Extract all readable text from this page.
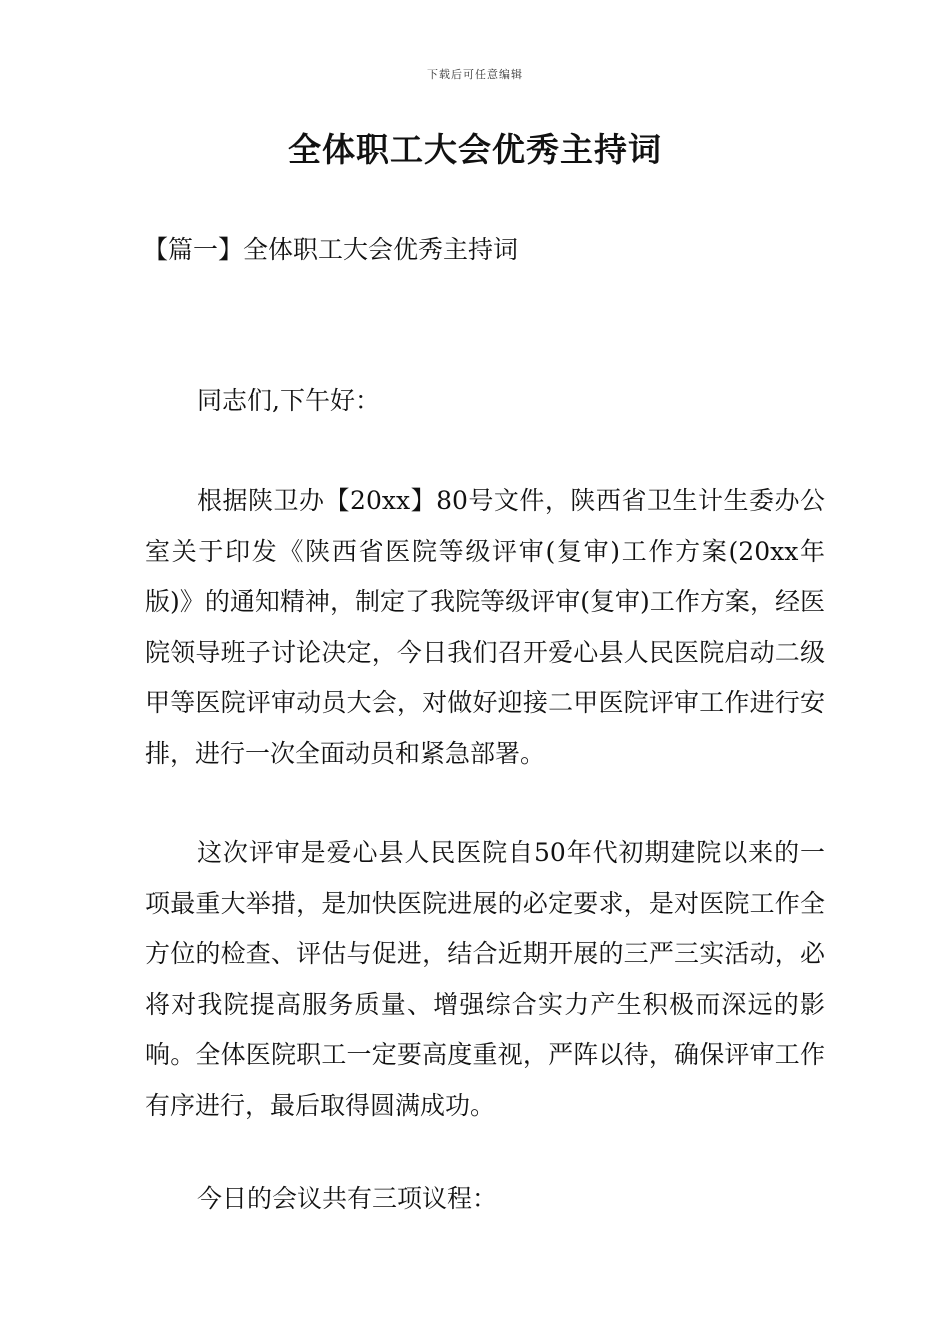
下载后可任意编辑
全体职工大会优秀主持词
【篇一】全体职工大会优秀主持词

同志们,下午好：

根据陕卫办【20xx】80号文件，陕西省卫生计生委办公室关于印发《陕西省医院等级评审(复审)工作方案(20xx年版)》的通知精神，制定了我院等级评审(复审)工作方案，经医院领导班子讨论决定，今日我们召开爱心县人民医院启动二级甲等医院评审动员大会，对做好迎接二甲医院评审工作进行安排，进行一次全面动员和紧急部署。

这次评审是爱心县人民医院自50年代初期建院以来的一项最重大举措，是加快医院进展的必定要求，是对医院工作全方位的检查、评估与促进，结合近期开展的三严三实活动，必将对我院提高服务质量、增强综合实力产生积极而深远的影响。全体医院职工一定要高度重视，严阵以待，确保评审工作有序进行，最后取得圆满成功。

今日的会议共有三项议程：
